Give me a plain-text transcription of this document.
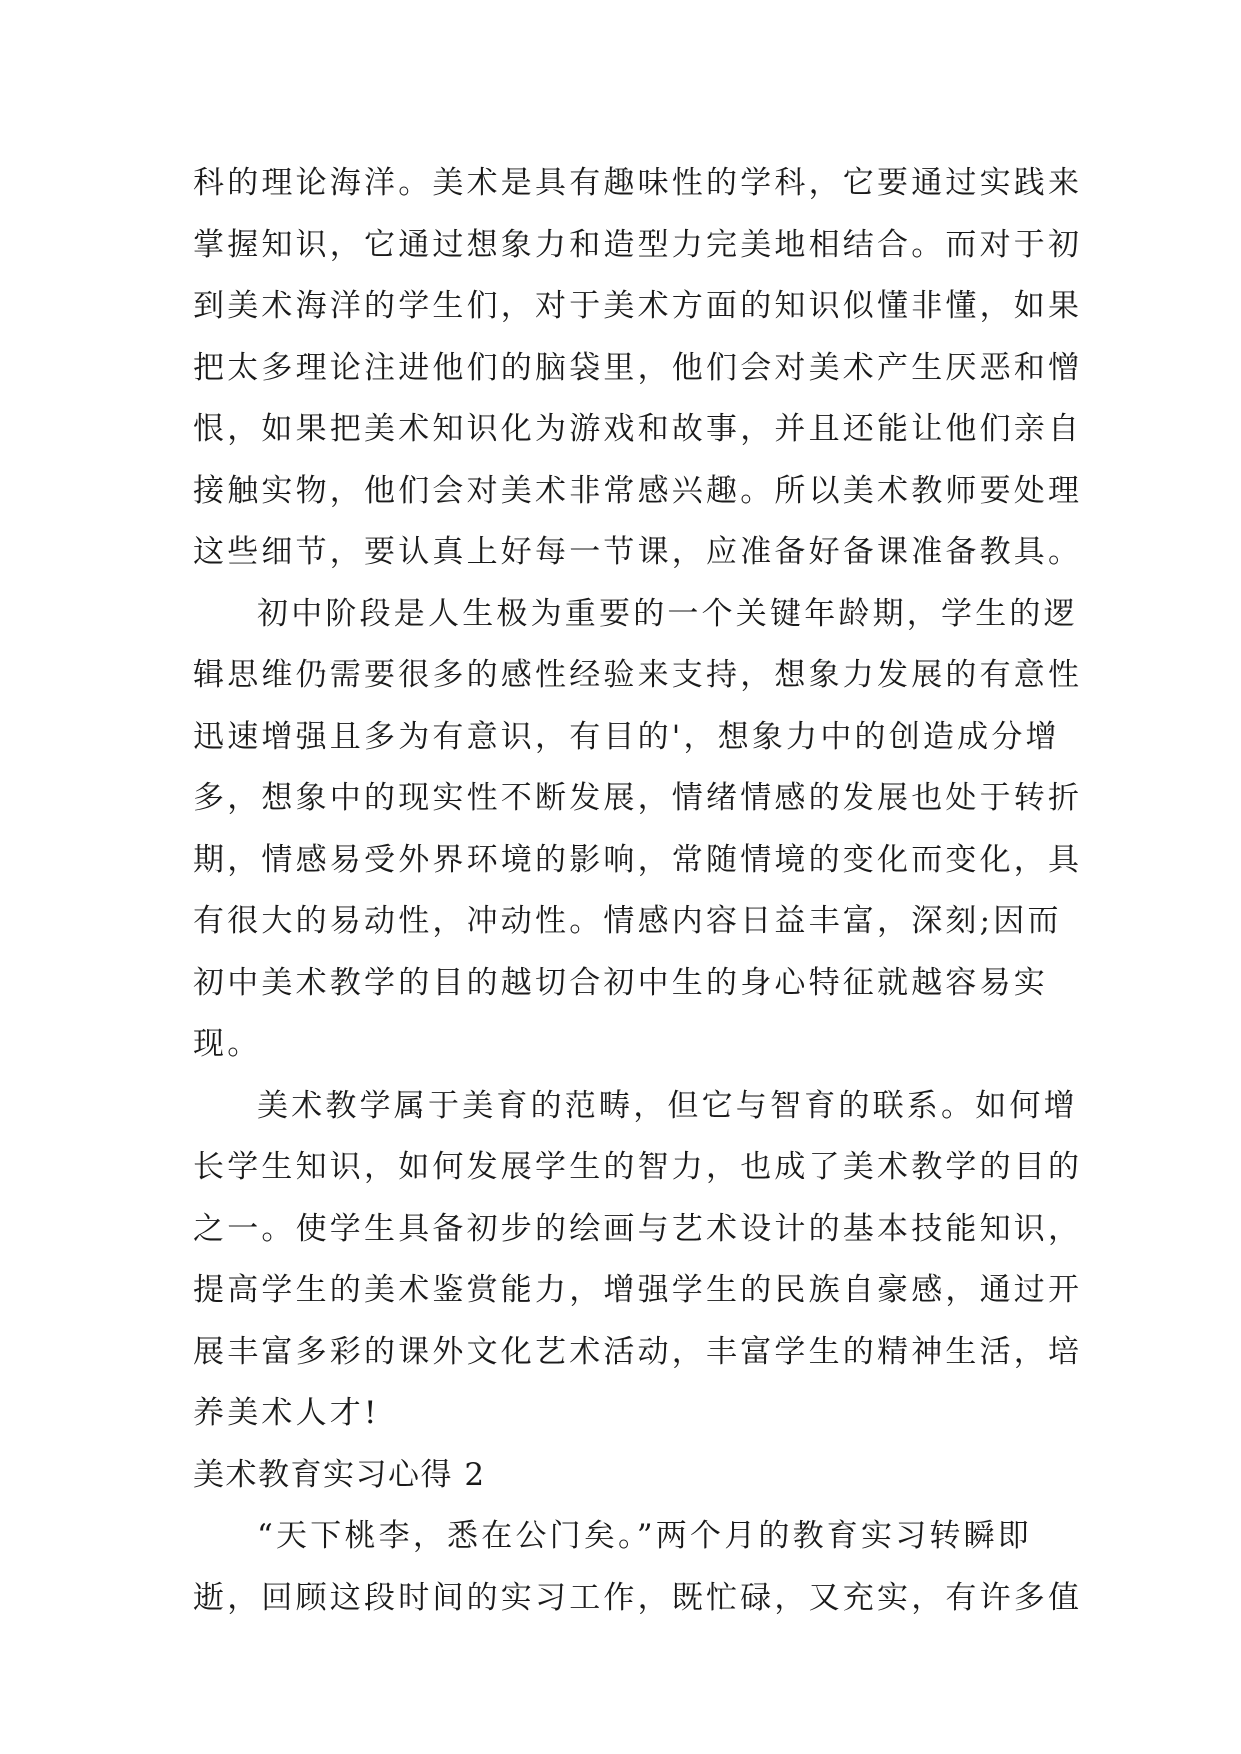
科的理论海洋。美术是具有趣味性的学科，它要通过实践来
掌握知识，它通过想象力和造型力完美地相结合。而对于初
到美术海洋的学生们，对于美术方面的知识似懂非懂，如果
把太多理论注进他们的脑袋里，他们会对美术产生厌恶和憎
恨，如果把美术知识化为游戏和故事，并且还能让他们亲自
接触实物，他们会对美术非常感兴趣。所以美术教师要处理
这些细节，要认真上好每一节课，应准备好备课准备教具。
初中阶段是人生极为重要的一个关键年龄期，学生的逻
辑思维仍需要很多的感性经验来支持，想象力发展的有意性
迅速增强且多为有意识，有目的'，想象力中的创造成分增
多，想象中的现实性不断发展，情绪情感的发展也处于转折
期，情感易受外界环境的影响，常随情境的变化而变化，具
有很大的易动性，冲动性。情感内容日益丰富，深刻;因而
初中美术教学的目的越切合初中生的身心特征就越容易实
现。
美术教学属于美育的范畴，但它与智育的联系。如何增
长学生知识，如何发展学生的智力，也成了美术教学的目的
之一。使学生具备初步的绘画与艺术设计的基本技能知识，
提高学生的美术鉴赏能力，增强学生的民族自豪感，通过开
展丰富多彩的课外文化艺术活动，丰富学生的精神生活，培
养美术人才!
美术教育实习心得 2
“天下桃李，悉在公门矣。”两个月的教育实习转瞬即
逝，回顾这段时间的实习工作，既忙碌，又充实，有许多值
